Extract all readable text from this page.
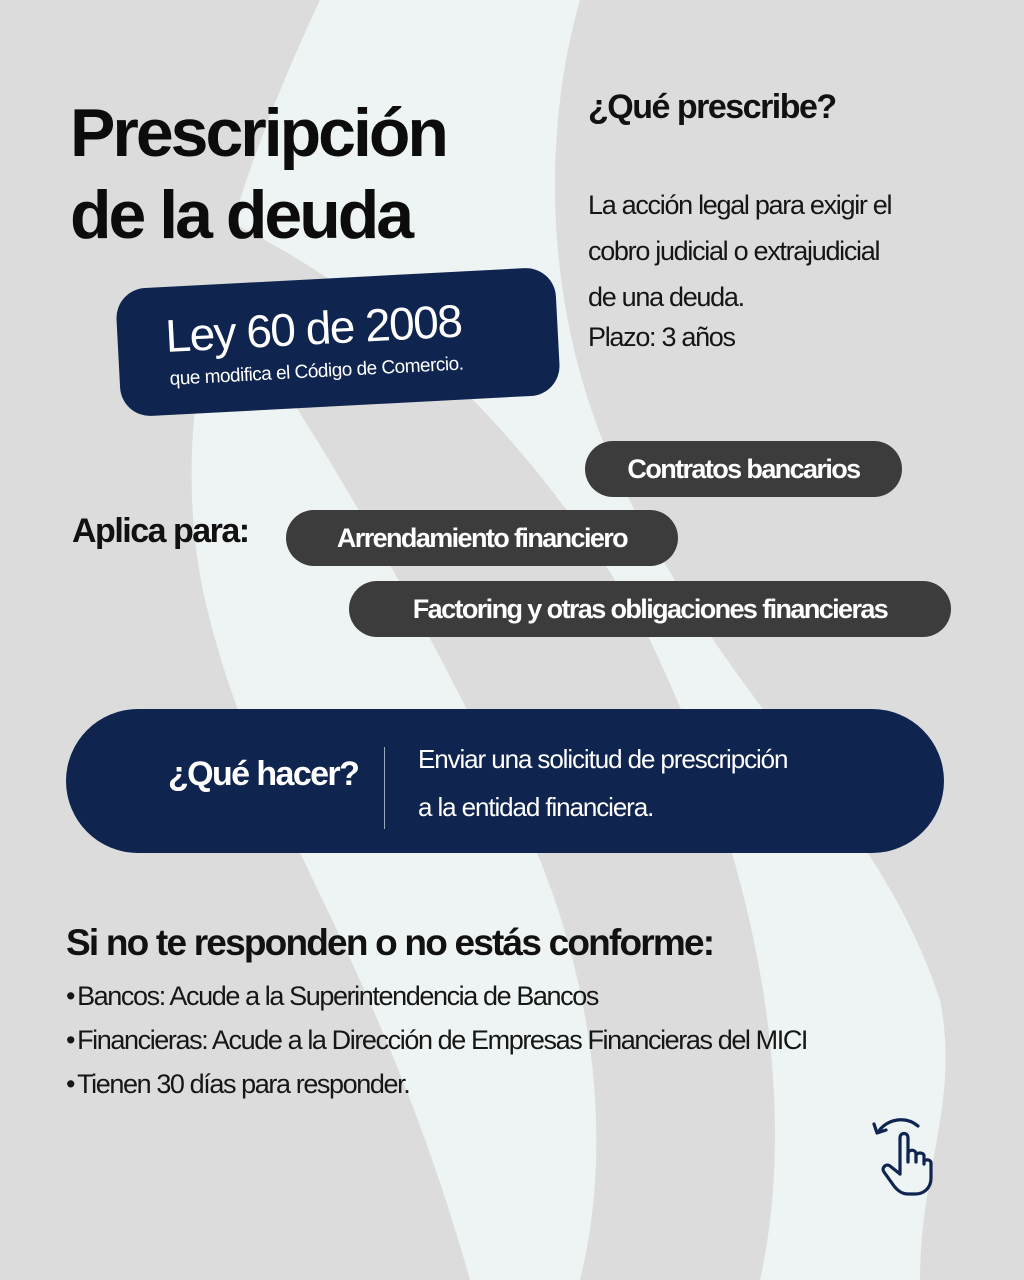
Prescripción
de la deuda
Ley 60 de 2008
que modifica el Código de Comercio.
¿Qué prescribe?
La acción legal para exigir el
cobro judicial o extrajudicial
de una deuda.
Plazo: 3 años
Aplica para:
Contratos bancarios
Arrendamiento financiero
Factoring y otras obligaciones financieras
¿Qué hacer? Enviar una solicitud de prescripción
a la entidad financiera.
Si no te responden o no estás conforme:
• Bancos: Acude a la Superintendencia de Bancos
• Financieras: Acude a la Dirección de Empresas Financieras del MICI
• Tienen 30 días para responder.
